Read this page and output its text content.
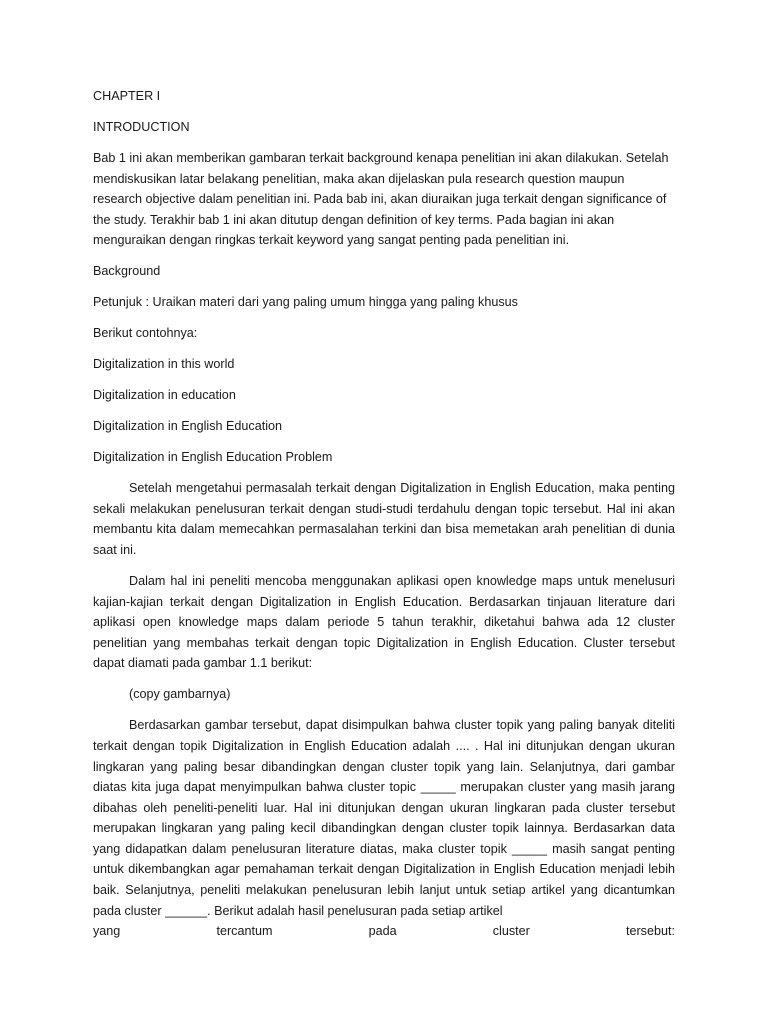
CHAPTER I

INTRODUCTION

Bab 1 ini akan memberikan gambaran terkait background kenapa penelitian ini akan dilakukan. Setelah mendiskusikan latar belakang penelitian, maka akan dijelaskan pula research question maupun research objective dalam penelitian ini. Pada bab ini, akan diuraikan juga terkait dengan significance of the study. Terakhir bab 1 ini akan ditutup dengan definition of key terms. Pada bagian ini akan menguraikan dengan ringkas terkait keyword yang sangat penting pada penelitian ini.

Background

Petunjuk : Uraikan materi dari yang paling umum hingga yang paling khusus

Berikut contohnya:

Digitalization in this world

Digitalization in education

Digitalization in English Education

Digitalization in English Education Problem

Setelah mengetahui permasalah terkait dengan Digitalization in English Education, maka penting sekali melakukan penelusuran terkait dengan studi-studi terdahulu dengan topic tersebut. Hal ini akan membantu kita dalam memecahkan permasalahan terkini dan bisa memetakan arah penelitian di dunia saat ini.

Dalam hal ini peneliti mencoba menggunakan aplikasi open knowledge maps untuk menelusuri kajian-kajian terkait dengan Digitalization in English Education. Berdasarkan tinjauan literature dari aplikasi open knowledge maps dalam periode 5 tahun terakhir, diketahui bahwa ada 12 cluster penelitian yang membahas terkait dengan topic Digitalization in English Education. Cluster tersebut dapat diamati pada gambar 1.1 berikut:

(copy gambarnya)

Berdasarkan gambar tersebut, dapat disimpulkan bahwa cluster topik yang paling banyak diteliti terkait dengan topik Digitalization in English Education adalah .... . Hal ini ditunjukan dengan ukuran lingkaran yang paling besar dibandingkan dengan cluster topik yang lain. Selanjutnya, dari gambar diatas kita juga dapat menyimpulkan bahwa cluster topic _____ merupakan cluster yang masih jarang dibahas oleh peneliti-peneliti luar. Hal ini ditunjukan dengan ukuran lingkaran pada cluster tersebut merupakan lingkaran yang paling kecil dibandingkan dengan cluster topik lainnya. Berdasarkan data yang didapatkan dalam penelusuran literature diatas, maka cluster topik _____ masih sangat penting untuk dikembangkan agar pemahaman terkait dengan Digitalization in English Education menjadi lebih baik. Selanjutnya, peneliti melakukan penelusuran lebih lanjut untuk setiap artikel yang dicantumkan pada cluster ______. Berikut adalah hasil penelusuran pada setiap artikel

yang tercantum pada cluster tersebut:
